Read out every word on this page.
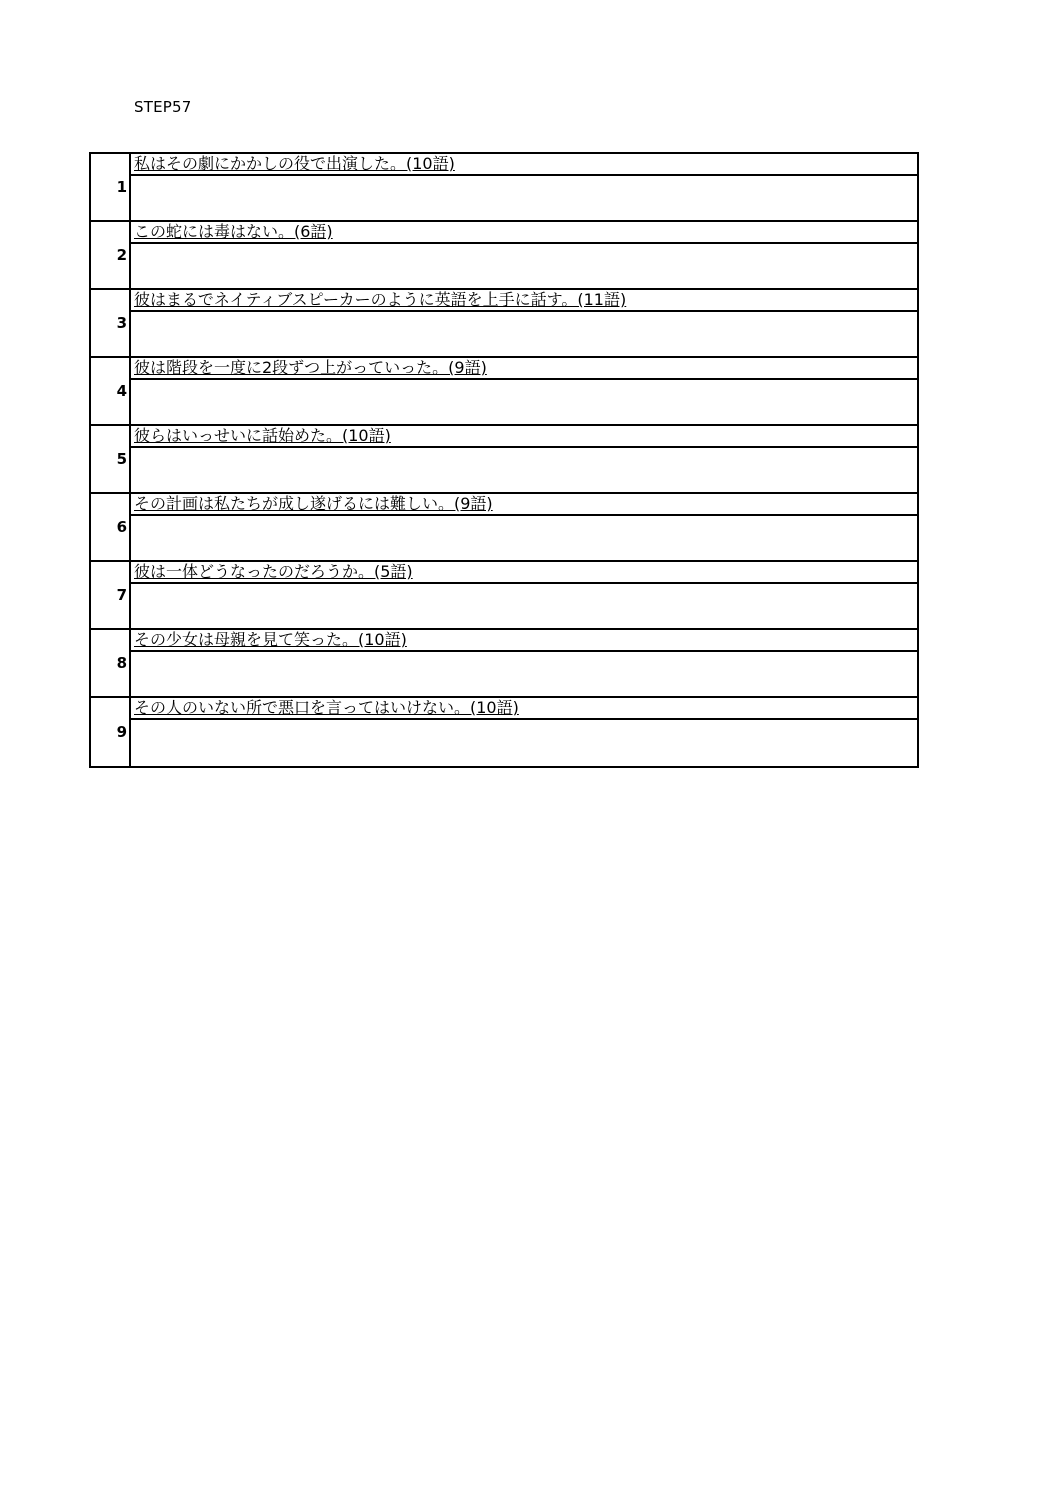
STEP57
1
私はその劇にかかしの役で出演した。(10語)
2
この蛇には毒はない。(6語)
3
彼はまるでネイティブスピーカーのように英語を上手に話す。(11語)
4
彼は階段を一度に2段ずつ上がっていった。(9語)
5
彼らはいっせいに話始めた。(10語)
6
その計画は私たちが成し遂げるには難しい。(9語)
7
彼は一体どうなったのだろうか。(5語)
8
その少女は母親を見て笑った。(10語)
9
その人のいない所で悪口を言ってはいけない。(10語)
